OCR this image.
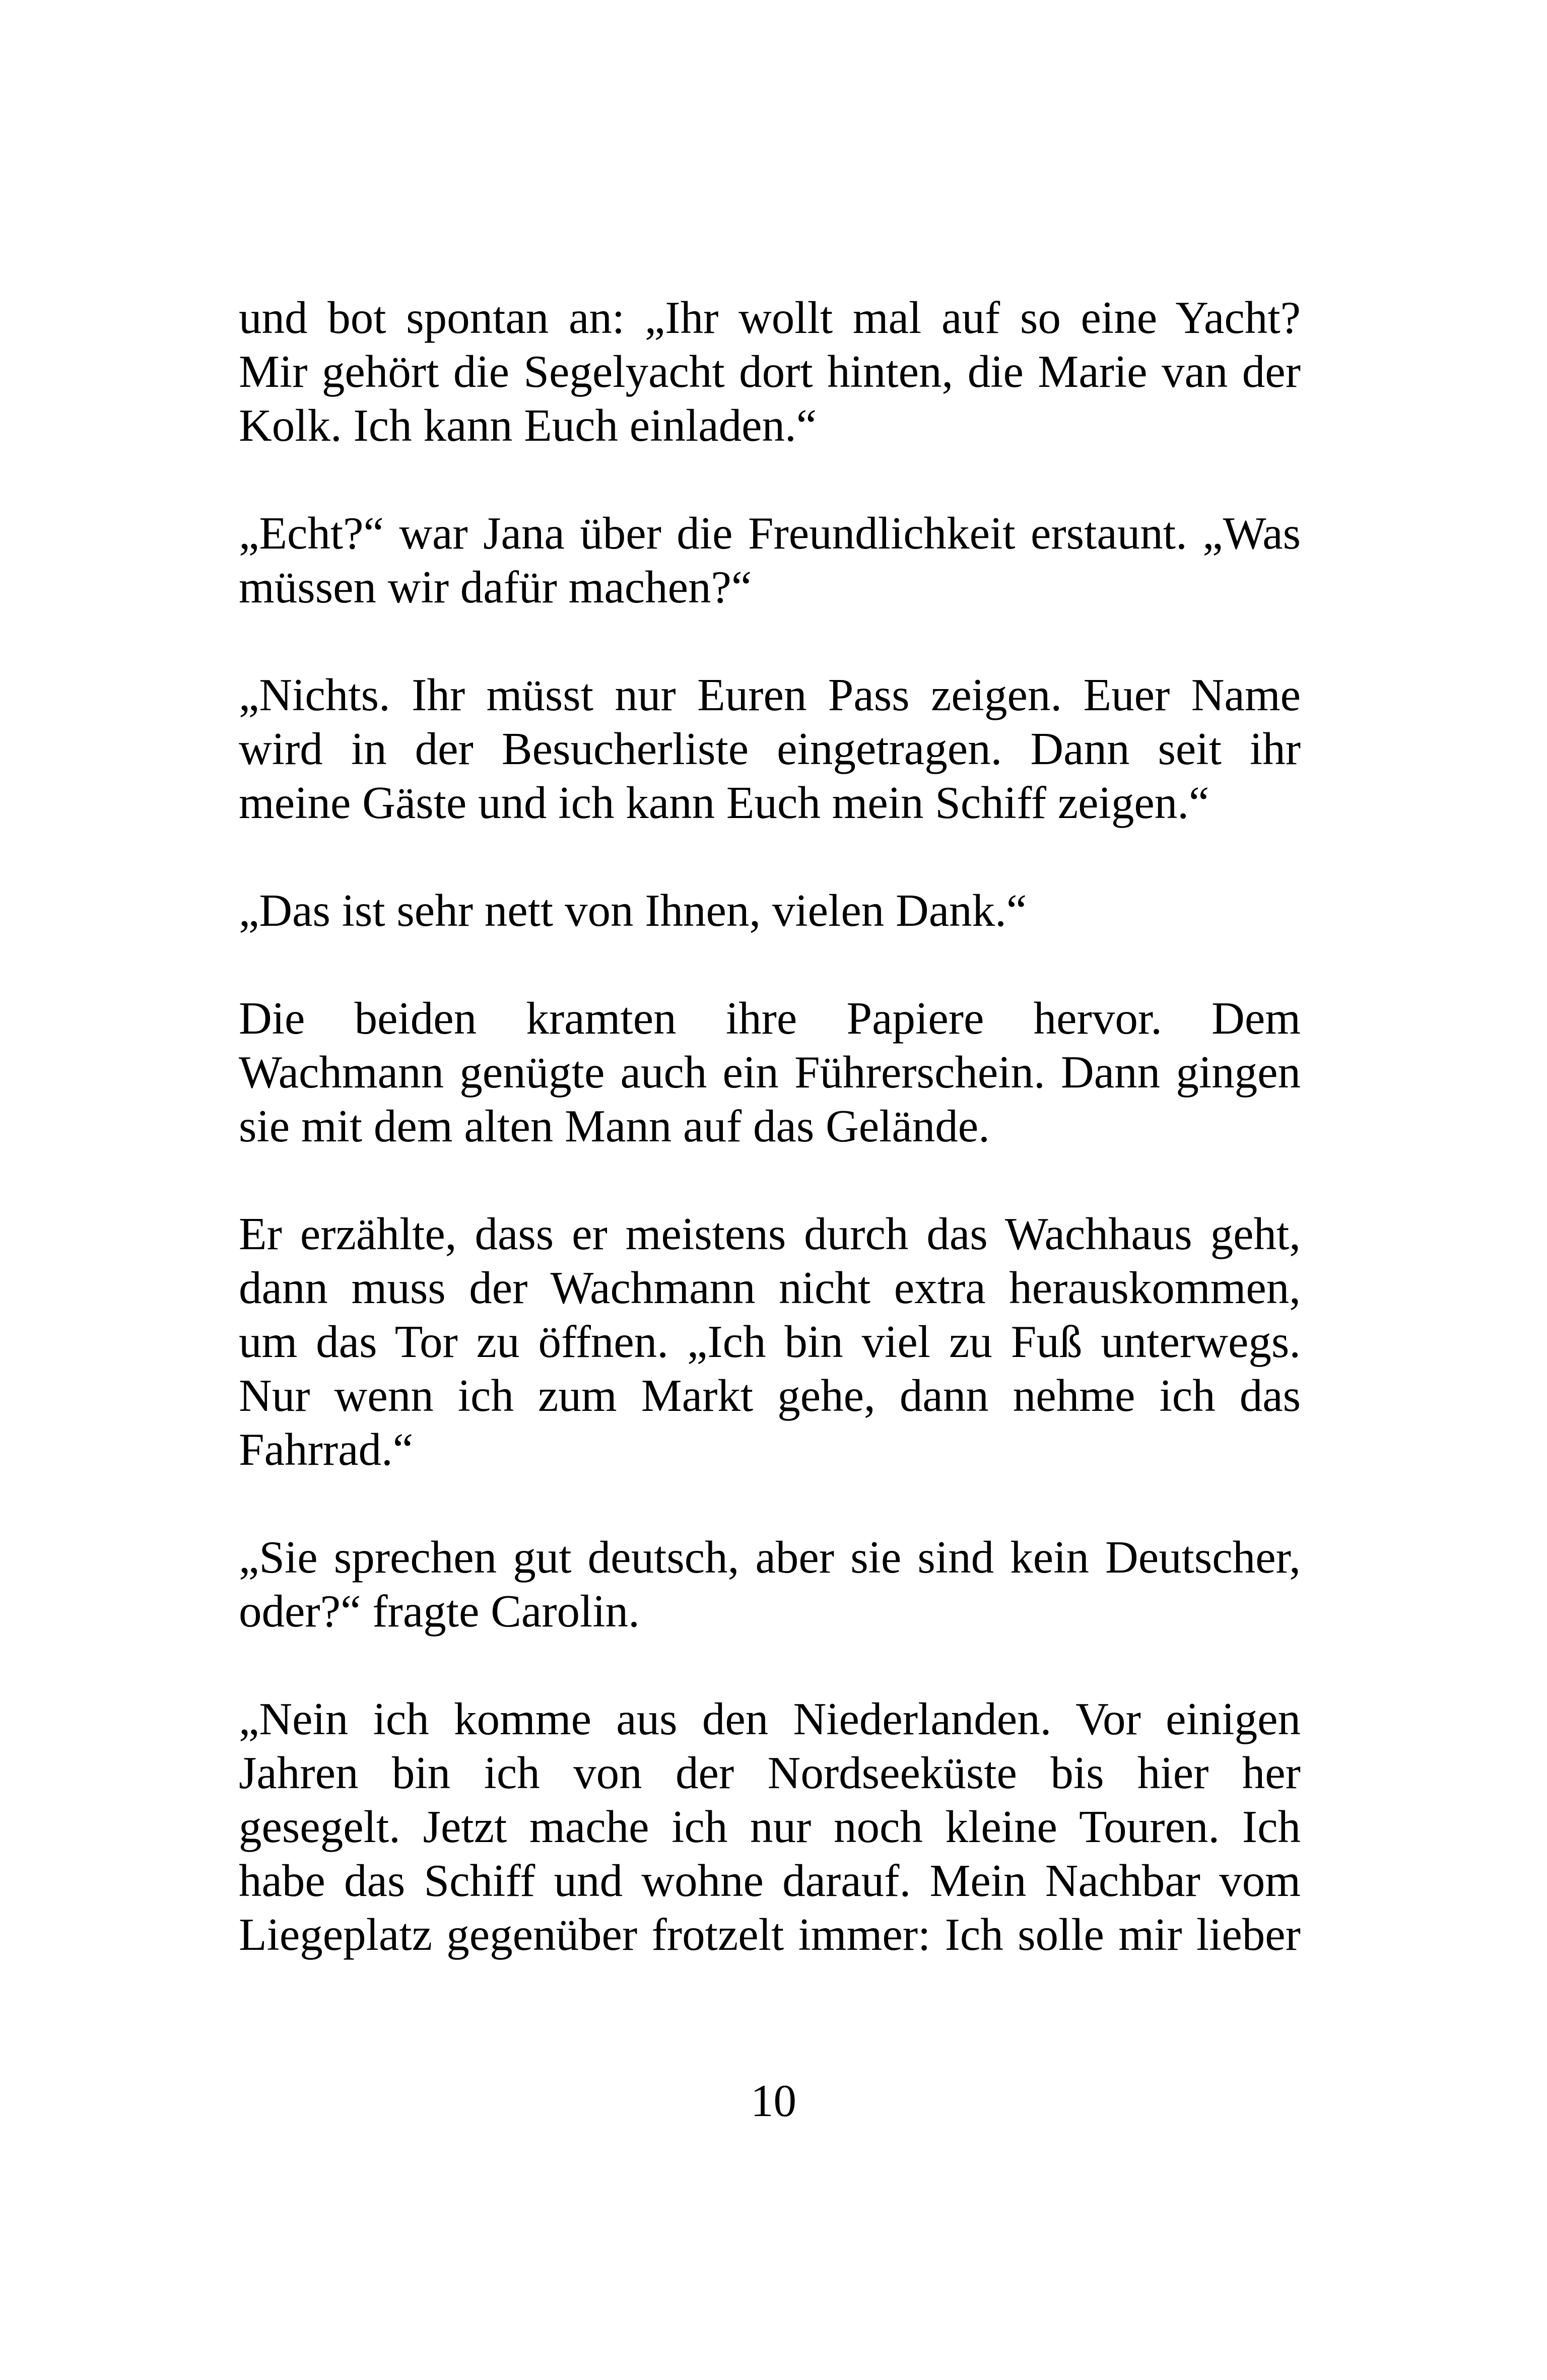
und bot spontan an: „Ihr wollt mal auf so eine Yacht?
Mir gehört die Segelyacht dort hinten, die Marie van der
Kolk. Ich kann Euch einladen.“
„Echt?“ war Jana über die Freundlichkeit erstaunt. „Was
müssen wir dafür machen?“
„Nichts. Ihr müsst nur Euren Pass zeigen. Euer Name
wird in der Besucherliste eingetragen. Dann seit ihr
meine Gäste und ich kann Euch mein Schiff zeigen.“
„Das ist sehr nett von Ihnen, vielen Dank.“
Die beiden kramten ihre Papiere hervor. Dem
Wachmann genügte auch ein Führerschein. Dann gingen
sie mit dem alten Mann auf das Gelände.
Er erzählte, dass er meistens durch das Wachhaus geht,
dann muss der Wachmann nicht extra herauskommen,
um das Tor zu öffnen. „Ich bin viel zu Fuß unterwegs.
Nur wenn ich zum Markt gehe, dann nehme ich das
Fahrrad.“
„Sie sprechen gut deutsch, aber sie sind kein Deutscher,
oder?“ fragte Carolin.
„Nein ich komme aus den Niederlanden. Vor einigen
Jahren bin ich von der Nordseeküste bis hier her
gesegelt. Jetzt mache ich nur noch kleine Touren. Ich
habe das Schiff und wohne darauf. Mein Nachbar vom
Liegeplatz gegenüber frotzelt immer: Ich solle mir lieber
10
